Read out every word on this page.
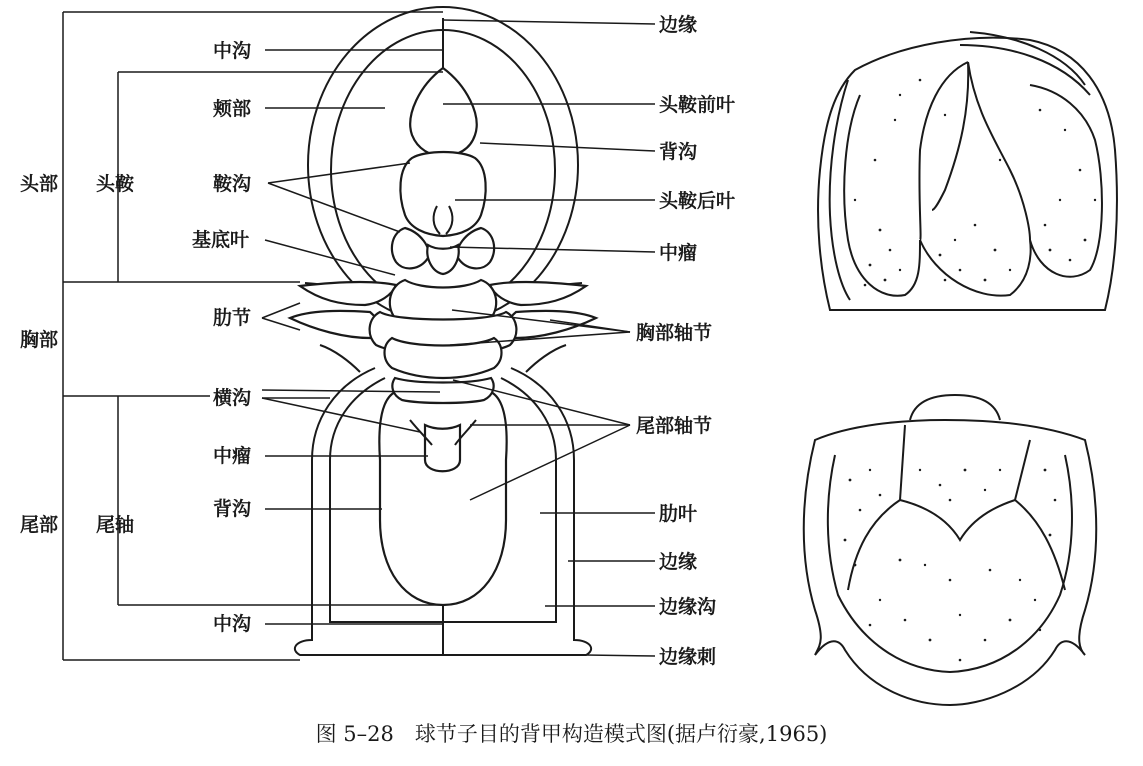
头部 头鞍
胸部
尾部 尾轴
中沟
颊部
鞍沟
基底叶
肋节
横沟
中瘤
背沟
中沟
边缘
头鞍前叶
背沟
头鞍后叶
中瘤
胸部轴节
尾部轴节
肋叶
边缘
边缘沟
边缘刺
图 5–28　球节子目的背甲构造模式图(据卢衍豪,1965)
